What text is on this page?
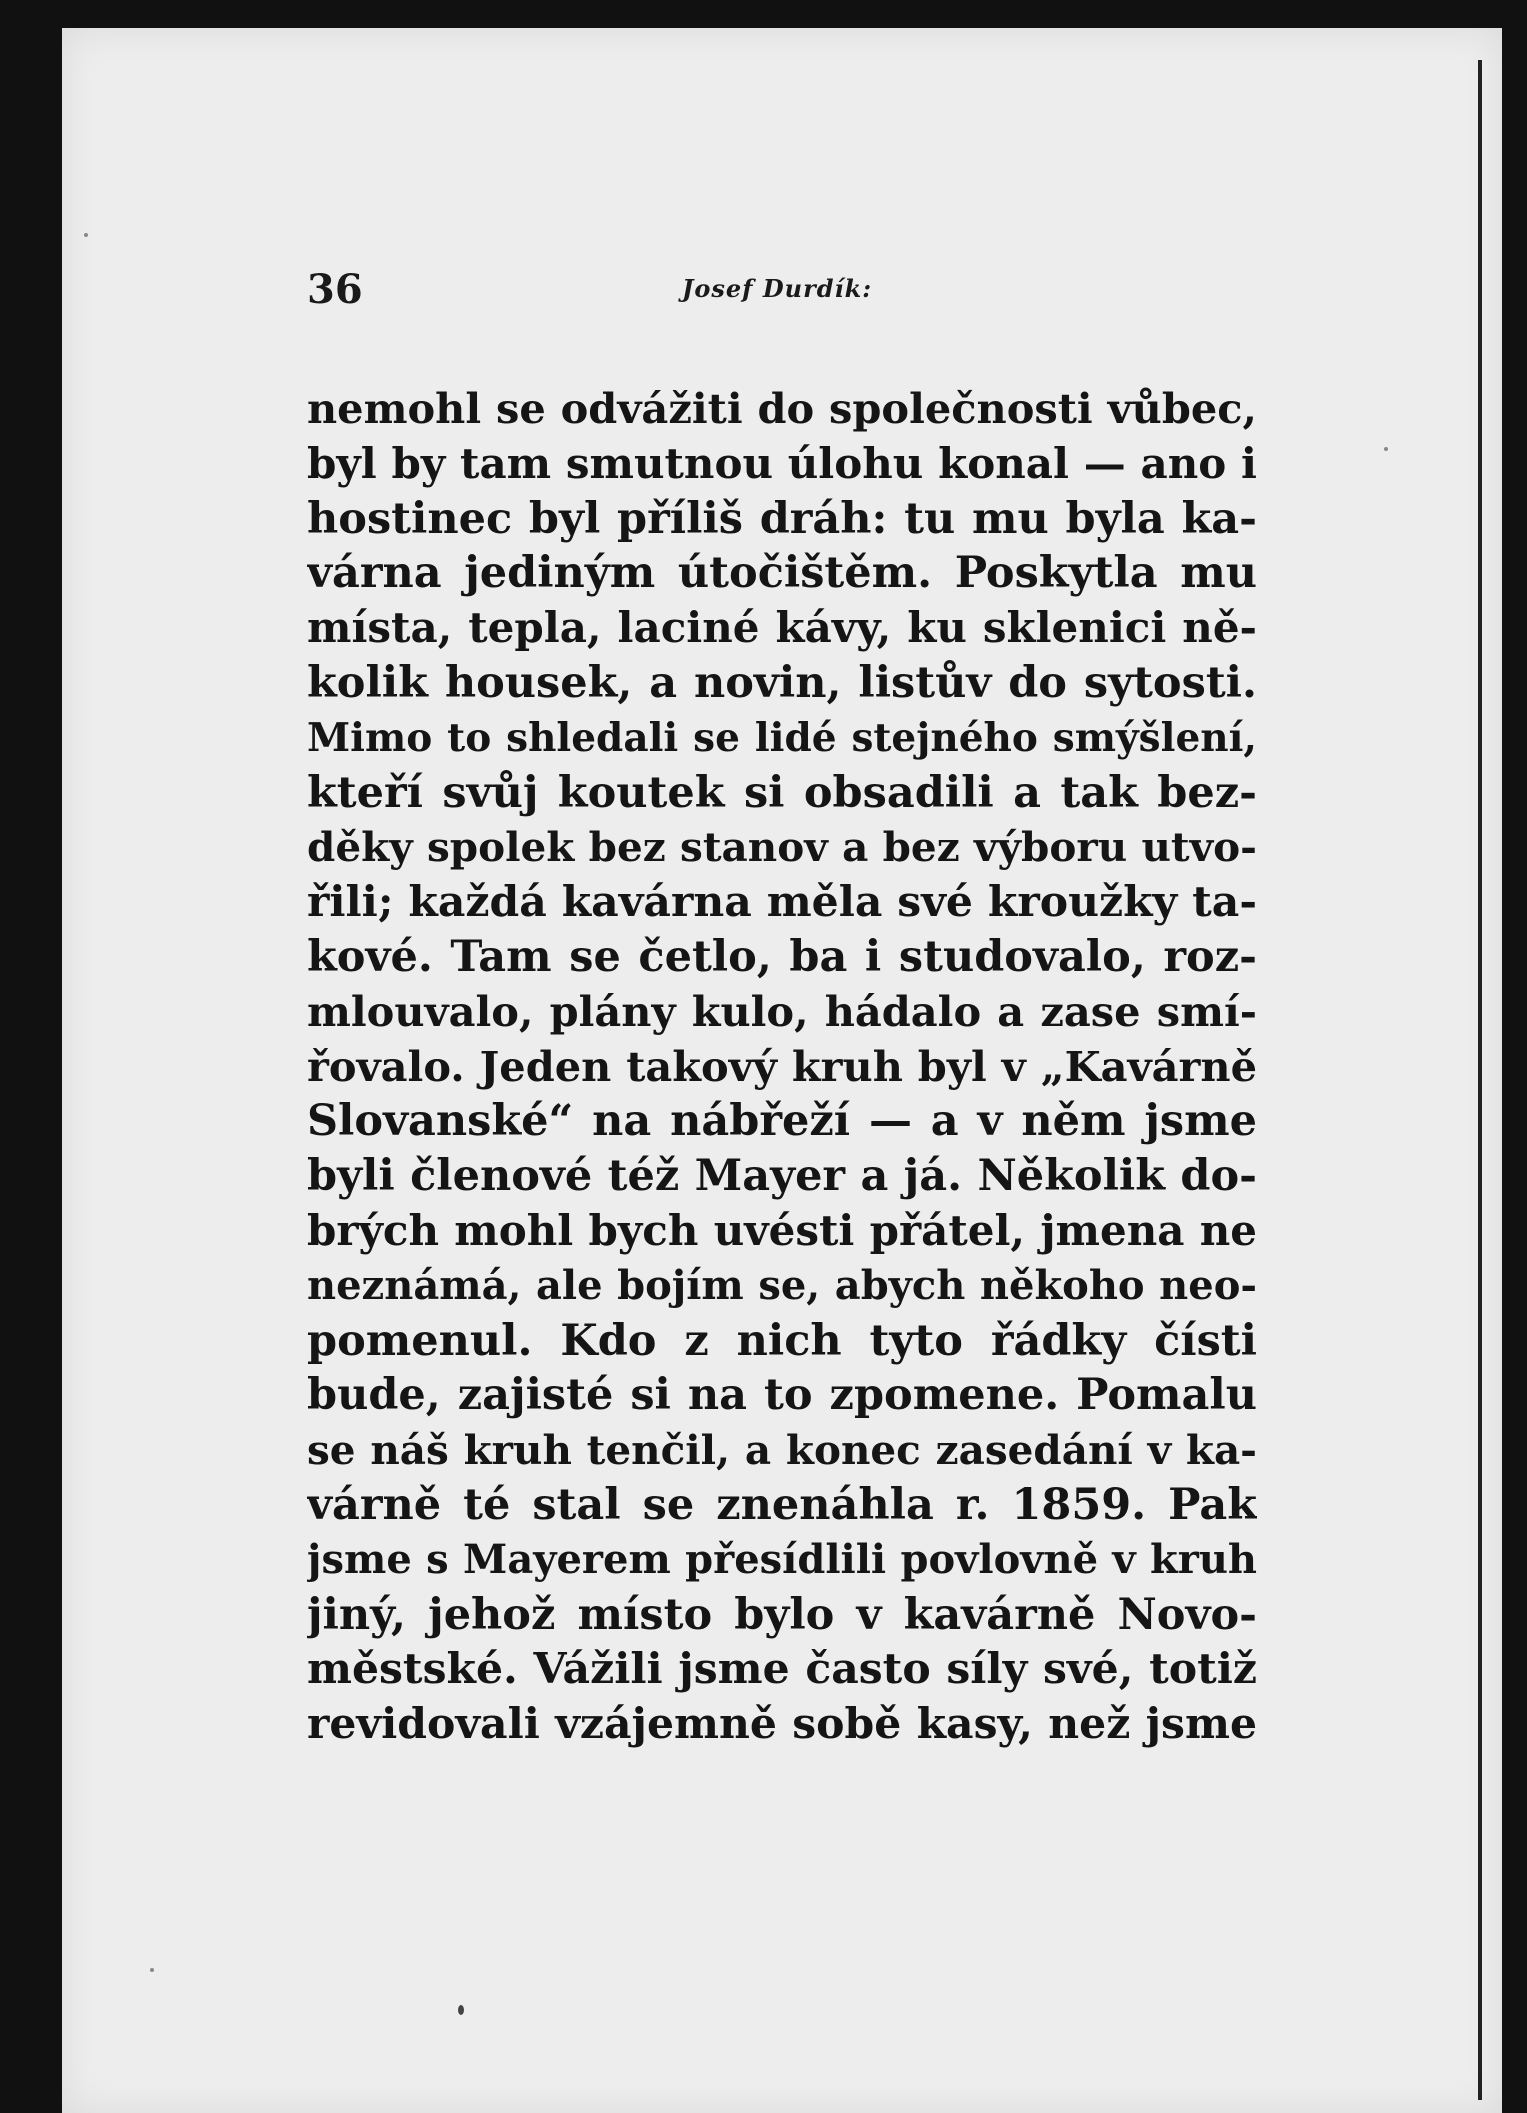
36	Josef Durdík:
nemohl se odvážiti do společnosti vůbec,
byl by tam smutnou úlohu konal — ano i
hostinec byl příliš dráh: tu mu byla ka-
várna jediným útočištěm. Poskytla mu
místa, tepla, laciné kávy, ku sklenici ně-
kolik housek, a novin, listův do sytosti.
Mimo to shledali se lidé stejného smýšlení,
kteří svůj koutek si obsadili a tak bez-
děky spolek bez stanov a bez výboru utvo-
řili; každá kavárna měla své kroužky ta-
kové. Tam se četlo, ba i studovalo, roz-
mlouvalo, plány kulo, hádalo a zase smí-
řovalo. Jeden takový kruh byl v „Kavárně
Slovanské“ na nábřeží — a v něm jsme
byli členové též Mayer a já. Několik do-
brých mohl bych uvésti přátel, jmena ne
neznámá, ale bojím se, abych někoho neo-
pomenul. Kdo z nich tyto řádky čísti
bude, zajisté si na to zpomene. Pomalu
se náš kruh tenčil, a konec zasedání v ka-
várně té stal se znenáhla r. 1859. Pak
jsme s Mayerem přesídlili povlovně v kruh
jiný, jehož místo bylo v kavárně Novo-
městské. Vážili jsme často síly své, totiž
revidovali vzájemně sobě kasy, než jsme
